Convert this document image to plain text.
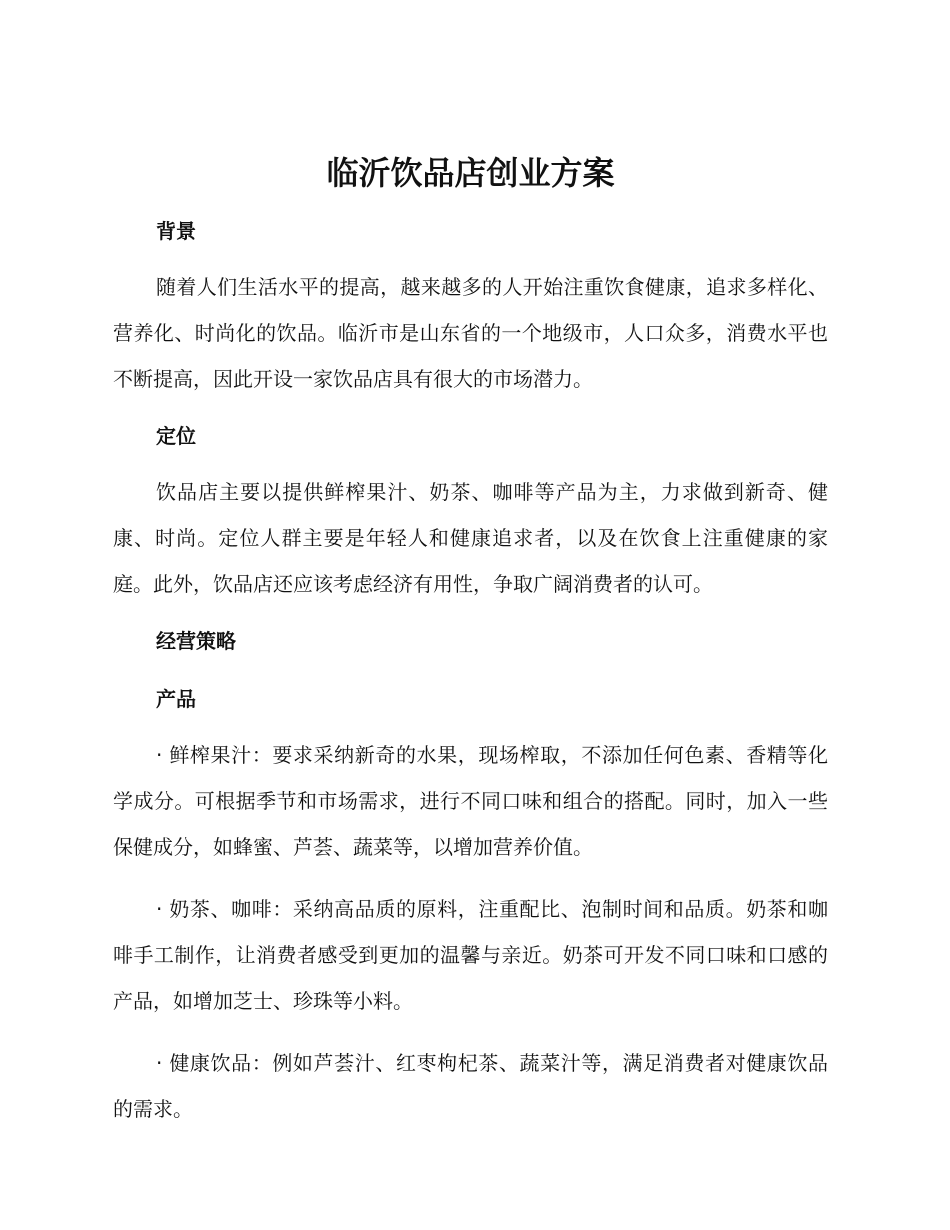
临沂饮品店创业方案
背景

随着人们生活水平的提高，越来越多的人开始注重饮食健康，追求多样化、营养化、时尚化的饮品。临沂市是山东省的一个地级市，人口众多，消费水平也不断提高，因此开设一家饮品店具有很大的市场潜力。

定位

饮品店主要以提供鲜榨果汁、奶茶、咖啡等产品为主，力求做到新奇、健康、时尚。定位人群主要是年轻人和健康追求者，以及在饮食上注重健康的家庭。此外，饮品店还应该考虑经济有用性，争取广阔消费者的认可。

经营策略
产品

· 鲜榨果汁：要求采纳新奇的水果，现场榨取，不添加任何色素、香精等化学成分。可根据季节和市场需求，进行不同口味和组合的搭配。同时，加入一些保健成分，如蜂蜜、芦荟、蔬菜等，以增加营养价值。

· 奶茶、咖啡：采纳高品质的原料，注重配比、泡制时间和品质。奶茶和咖啡手工制作，让消费者感受到更加的温馨与亲近。奶茶可开发不同口味和口感的产品，如增加芝士、珍珠等小料。

· 健康饮品：例如芦荟汁、红枣枸杞茶、蔬菜汁等，满足消费者对健康饮品的需求。
